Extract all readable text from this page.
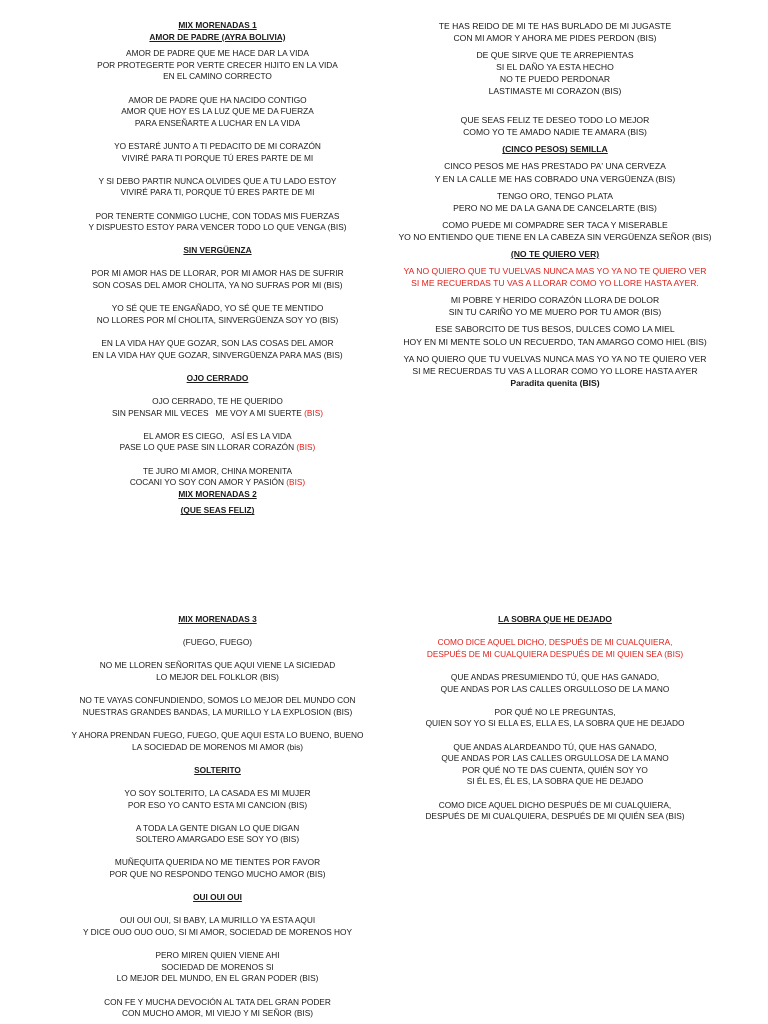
MIX MORENADAS 1

AMOR DE PADRE (AYRA BOLIVIA)

AMOR DE PADRE QUE ME HACE DAR LA VIDA

POR PROTEGERTE POR VERTE CRECER HIJITO EN LA VIDA

EN EL CAMINO CORRECTO

AMOR DE PADRE QUE HA NACIDO CONTIGO

AMOR QUE HOY ES LA LUZ QUE ME DA FUERZA

PARA ENSEÑARTE A LUCHAR EN LA VIDA

YO ESTARÉ JUNTO A TI PEDACITO DE MI CORAZÓN

VIVIRÉ PARA TI PORQUE TÚ ERES PARTE DE MI

Y SI DEBO PARTIR NUNCA OLVIDES QUE A TU LADO ESTOY

VIVIRÉ PARA TI, PORQUE TÚ ERES PARTE DE MI

POR TENERTE CONMIGO LUCHE, CON TODAS MIS FUERZAS

Y DISPUESTO ESTOY PARA VENCER TODO LO QUE VENGA (BIS)

SIN VERGÜENZA

POR MI AMOR HAS DE LLORAR, POR MI AMOR HAS DE SUFRIR

SON COSAS DEL AMOR CHOLITA, YA NO SUFRAS POR MI (BIS)

YO SÉ QUE TE ENGAÑADO, YO SÉ QUE TE MENTIDO

NO LLORES POR MÍ CHOLITA, SINVERGÜENZA SOY YO (BIS)

EN LA VIDA HAY QUE GOZAR, SON LAS COSAS DEL AMOR

EN LA VIDA HAY QUE GOZAR, SINVERGÜENZA PARA MAS (BIS)

OJO CERRADO

OJO CERRADO, TE HE QUERIDO

SIN PENSAR MIL VECES   ME VOY A MI SUERTE (BIS)

EL AMOR ES CIEGO,   ASÍ ES LA VIDA

PASE LO QUE PASE SIN LLORAR CORAZÓN (BIS)

TE JURO MI AMOR, CHINA MORENITA

COCANI YO SOY CON AMOR Y PASIÓN (BIS)

MIX MORENADAS 2

(QUE SEAS FELIZ)

TE HAS REIDO DE MI TE HAS BURLADO DE MI JUGASTE

CON MI AMOR Y AHORA ME PIDES PERDON (BIS)

DE QUE SIRVE QUE TE ARREPIENTAS

SI EL DAÑO YA ESTA HECHO

NO TE PUEDO PERDONAR

LASTIMASTE MI CORAZON (BIS)

QUE SEAS FELIZ TE DESEO TODO LO MEJOR

COMO YO TE AMADO NADIE TE AMARA (BIS)

(CINCO PESOS) SEMILLA

CINCO PESOS ME HAS PRESTADO PA' UNA CERVEZA

Y EN LA CALLE ME HAS COBRADO UNA VERGÜENZA (BIS)

TENGO ORO, TENGO PLATA

PERO NO ME DA LA GANA DE CANCELARTE (BIS)

COMO PUEDE MI COMPADRE SER TACA Y MISERABLE

YO NO ENTIENDO QUE TIENE EN LA CABEZA SIN VERGÜENZA SEÑOR (BIS)

(NO TE QUIERO VER)

YA NO QUIERO QUE TU VUELVAS NUNCA MAS YO YA NO TE QUIERO VER

SI ME RECUERDAS TU VAS A LLORAR COMO YO LLORE HASTA AYER.

MI POBRE Y HERIDO CORAZÓN LLORA DE DOLOR

SIN TU CARIÑO YO ME MUERO POR TU AMOR (BIS)

ESE SABORCITO DE TUS BESOS, DULCES COMO LA MIEL

HOY EN MI MENTE SOLO UN RECUERDO, TAN AMARGO COMO HIEL (BIS)

YA NO QUIERO QUE TU VUELVAS NUNCA MAS YO YA NO TE QUIERO VER

SI ME RECUERDAS TU VAS A LLORAR COMO YO LLORE HASTA AYER

Paradita quenita (BIS)

MIX MORENADAS 3

(FUEGO, FUEGO)

NO ME LLOREN SEÑORITAS QUE AQUI VIENE LA SICIEDAD

LO MEJOR DEL FOLKLOR (BIS)

NO TE VAYAS CONFUNDIENDO, SOMOS LO MEJOR DEL MUNDO CON

NUESTRAS GRANDES BANDAS, LA MURILLO Y LA EXPLOSION (BIS)

Y AHORA PRENDAN FUEGO, FUEGO, QUE AQUI ESTA LO BUENO, BUENO

LA SOCIEDAD DE MORENOS MI AMOR (bis)

SOLTERITO

YO SOY SOLTERITO, LA CASADA ES MI MUJER

POR ESO YO CANTO ESTA MI CANCION (BIS)

A TODA LA GENTE DIGAN LO QUE DIGAN

SOLTERO AMARGADO ESE SOY YO (BIS)

MUÑEQUITA QUERIDA NO ME TIENTES POR FAVOR

POR QUE NO RESPONDO TENGO MUCHO AMOR (BIS)

OUI OUI OUI

OUI OUI OUI, SI BABY, LA MURILLO YA ESTA AQUI

Y DICE OUO OUO OUO, SI MI AMOR, SOCIEDAD DE MORENOS HOY

PERO MIREN QUIEN VIENE AHI

SOCIEDAD DE MORENOS SI

LO MEJOR DEL MUNDO, EN EL GRAN PODER (BIS)

CON FE Y MUCHA DEVOCIÓN AL TATA DEL GRAN PODER

CON MUCHO AMOR, MI VIEJO Y MI SEÑOR (BIS)

LA SOBRA QUE HE DEJADO

COMO DICE AQUEL DICHO, DESPUÉS DE MI CUALQUIERA,

DESPUÉS DE MI CUALQUIERA DESPUÉS DE MI QUIEN SEA (BIS)

QUE ANDAS PRESUMIENDO TÚ, QUE HAS GANADO,

QUE ANDAS POR LAS CALLES ORGULLOSO DE LA MANO

POR QUÉ NO LE PREGUNTAS,

QUIEN SOY YO SI ELLA ES, ELLA ES, LA SOBRA QUE HE DEJADO

QUE ANDAS ALARDEANDO TÚ, QUE HAS GANADO,

QUE ANDAS POR LAS CALLES ORGULLOSA DE LA MANO

POR QUÉ NO TE DAS CUENTA, QUIÉN SOY YO

SI ÉL ES, ÉL ES, LA SOBRA QUE HE DEJADO

COMO DICE AQUEL DICHO DESPUÉS DE MI CUALQUIERA,

DESPUÉS DE MI CUALQUIERA, DESPUÉS DE MI QUIÉN SEA (BIS)
